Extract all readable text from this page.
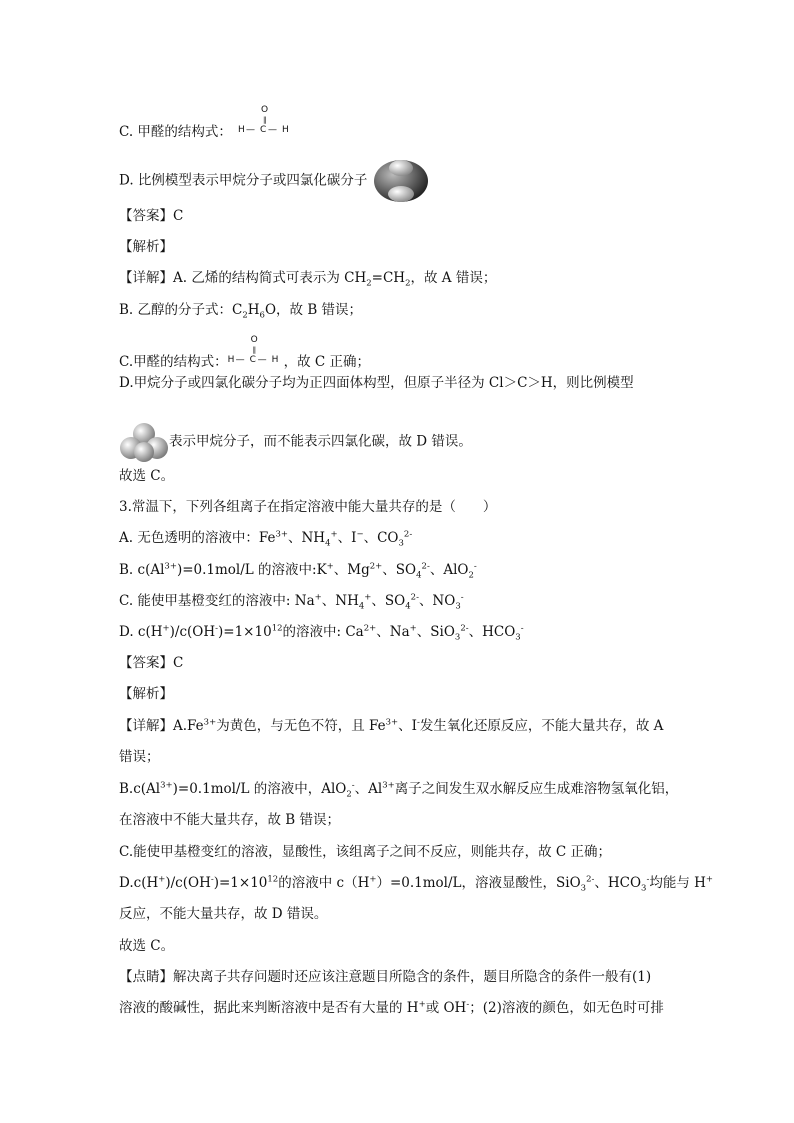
C. 甲醛的结构式：
O
‖
H — C — H
D. 比例模型表示甲烷分子或四氯化碳分子
【答案】C
【解析】
【详解】A. 乙烯的结构简式可表示为 $CH_2=CH_2$，故 A 错误；
B. 乙醇的分子式：$C_2H_6O$，故 B 错误；
C.甲醛的结构式：
O
‖
H — C — H ，故 C 正确；
D.甲烷分子或四氯化碳分子均为正四面体构型，但原子半径为 Cl＞C＞H，则比例模型
表示甲烷分子，而不能表示四氯化碳，故 D 错误。
故选 C。
3.常温下，下列各组离子在指定溶液中能大量共存的是（　　）
A. 无色透明的溶液中：$Fe^{3+}$、$NH_4^+$、I−、$CO_3^{2-}$
B. $c(Al^{3+})=0.1mol/L$ 的溶液中:K+、$Mg^{2+}$、$SO_4^{2-}$、AlO$_2$-
C. 能使甲基橙变红的溶液中: Na+、$NH_4^+$、$SO_4^{2-}$、$NO_3^-$
D. $c(H^+)/c(OH^-)=1\times 10^{12}$的溶液中: $Ca^{2+}$、Na+、SiO$_3^{2-}$、$HCO_3^-$
【答案】C
【解析】
【详解】$A.Fe^{3+}$为黄色，与无色不符，且 $Fe^{3+}$、I-发生氧化还原反应，不能大量共存，故 A
错误；
$B.c(Al^{3+})=0.1mol/L$ 的溶液中，AlO$_2$-、$Al^{3+}$离子之间发生双水解反应生成难溶物氢氧化铝，
在溶液中不能大量共存，故 B 错误；
C.能使甲基橙变红的溶液，显酸性，该组离子之间不反应，则能共存，故 C 正确；
$D.c(H^+)/c(OH^-)=1\times 10^{12}$的溶液中 c（H+）=0.1mol/L，溶液显酸性，SiO$_3^{2-}$、$HCO_3^-$均能与 H+
反应，不能大量共存，故 D 错误。
故选 C。
【点睛】解决离子共存问题时还应该注意题目所隐含的条件，题目所隐含的条件一般有(1)
溶液的酸碱性，据此来判断溶液中是否有大量的 H+或 OH-；(2)溶液的颜色，如无色时可排
